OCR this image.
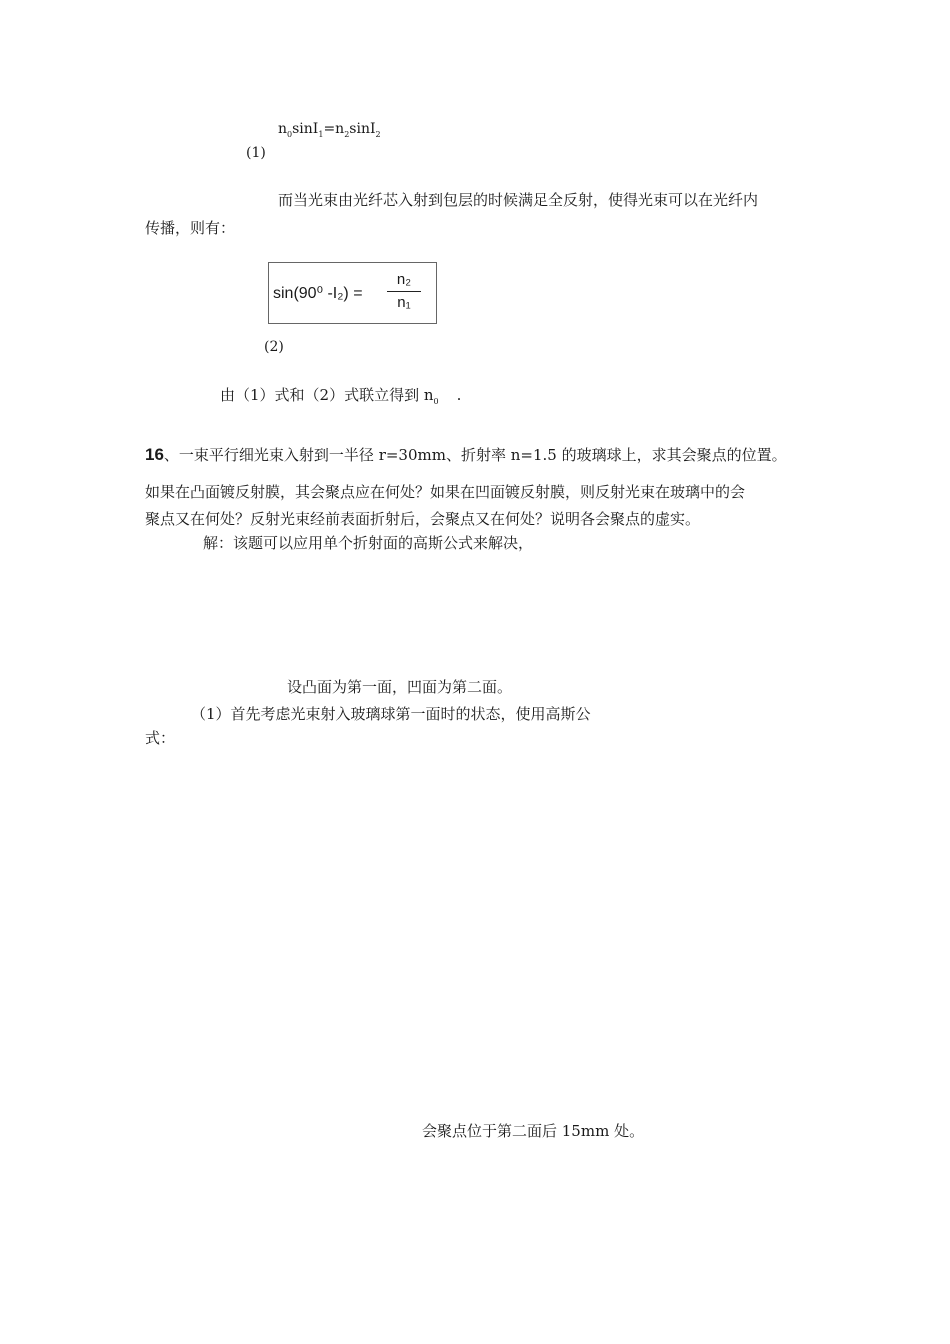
$n_0\sin I_1=n_2\sin I_2$
(1)
而当光束由光纤芯入射到包层的时候满足全反射，使得光束可以在光纤内
传播，则有：
sin(90⁰ -I₂) =
n₂
n₁
(2)
由（1）式和（2）式联立得到 $n_0$ .
16、一束平行细光束入射到一半径 r=30mm、折射率 n=1.5 的玻璃球上，求其会聚点的位置。
如果在凸面镀反射膜，其会聚点应在何处？如果在凹面镀反射膜，则反射光束在玻璃中的会
聚点又在何处？反射光束经前表面折射后，会聚点又在何处？说明各会聚点的虚实。
解：该题可以应用单个折射面的高斯公式来解决，
设凸面为第一面，凹面为第二面。
（1）首先考虑光束射入玻璃球第一面时的状态，使用高斯公
式：
会聚点位于第二面后 15mm 处。
